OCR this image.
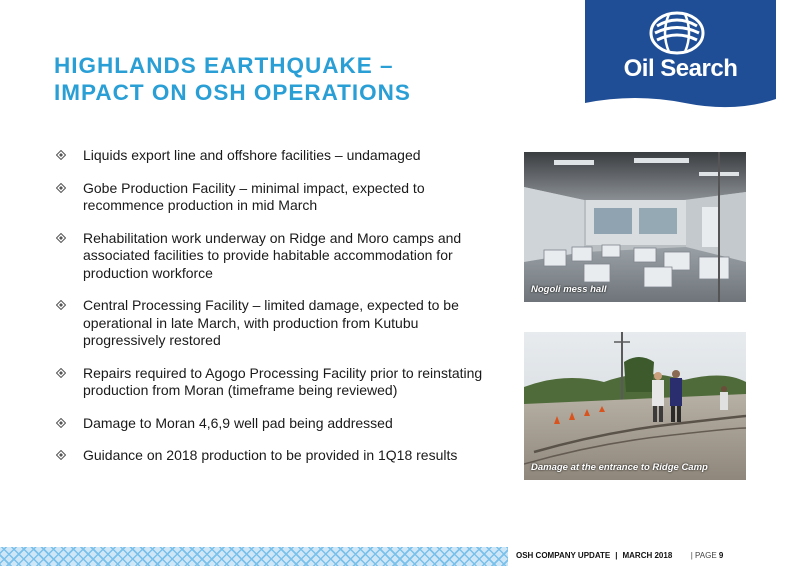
HIGHLANDS EARTHQUAKE –
IMPACT ON OSH OPERATIONS
Oil Search
Liquids export line and offshore facilities – undamaged
Gobe Production Facility – minimal impact, expected to recommence production in mid March
Rehabilitation work underway on Ridge and Moro camps and associated facilities to provide habitable accommodation for production workforce
Central Processing Facility – limited damage, expected to be operational in late March, with production from Kutubu progressively restored
Repairs required to Agogo Processing Facility prior to reinstating production from Moran (timeframe being reviewed)
Damage to Moran 4,6,9 well pad being addressed
Guidance on 2018 production to be provided in 1Q18 results
Nogoli mess hall
Damage at the entrance to Ridge Camp
OSH COMPANY UPDATE | MARCH 2018 | PAGE 9
